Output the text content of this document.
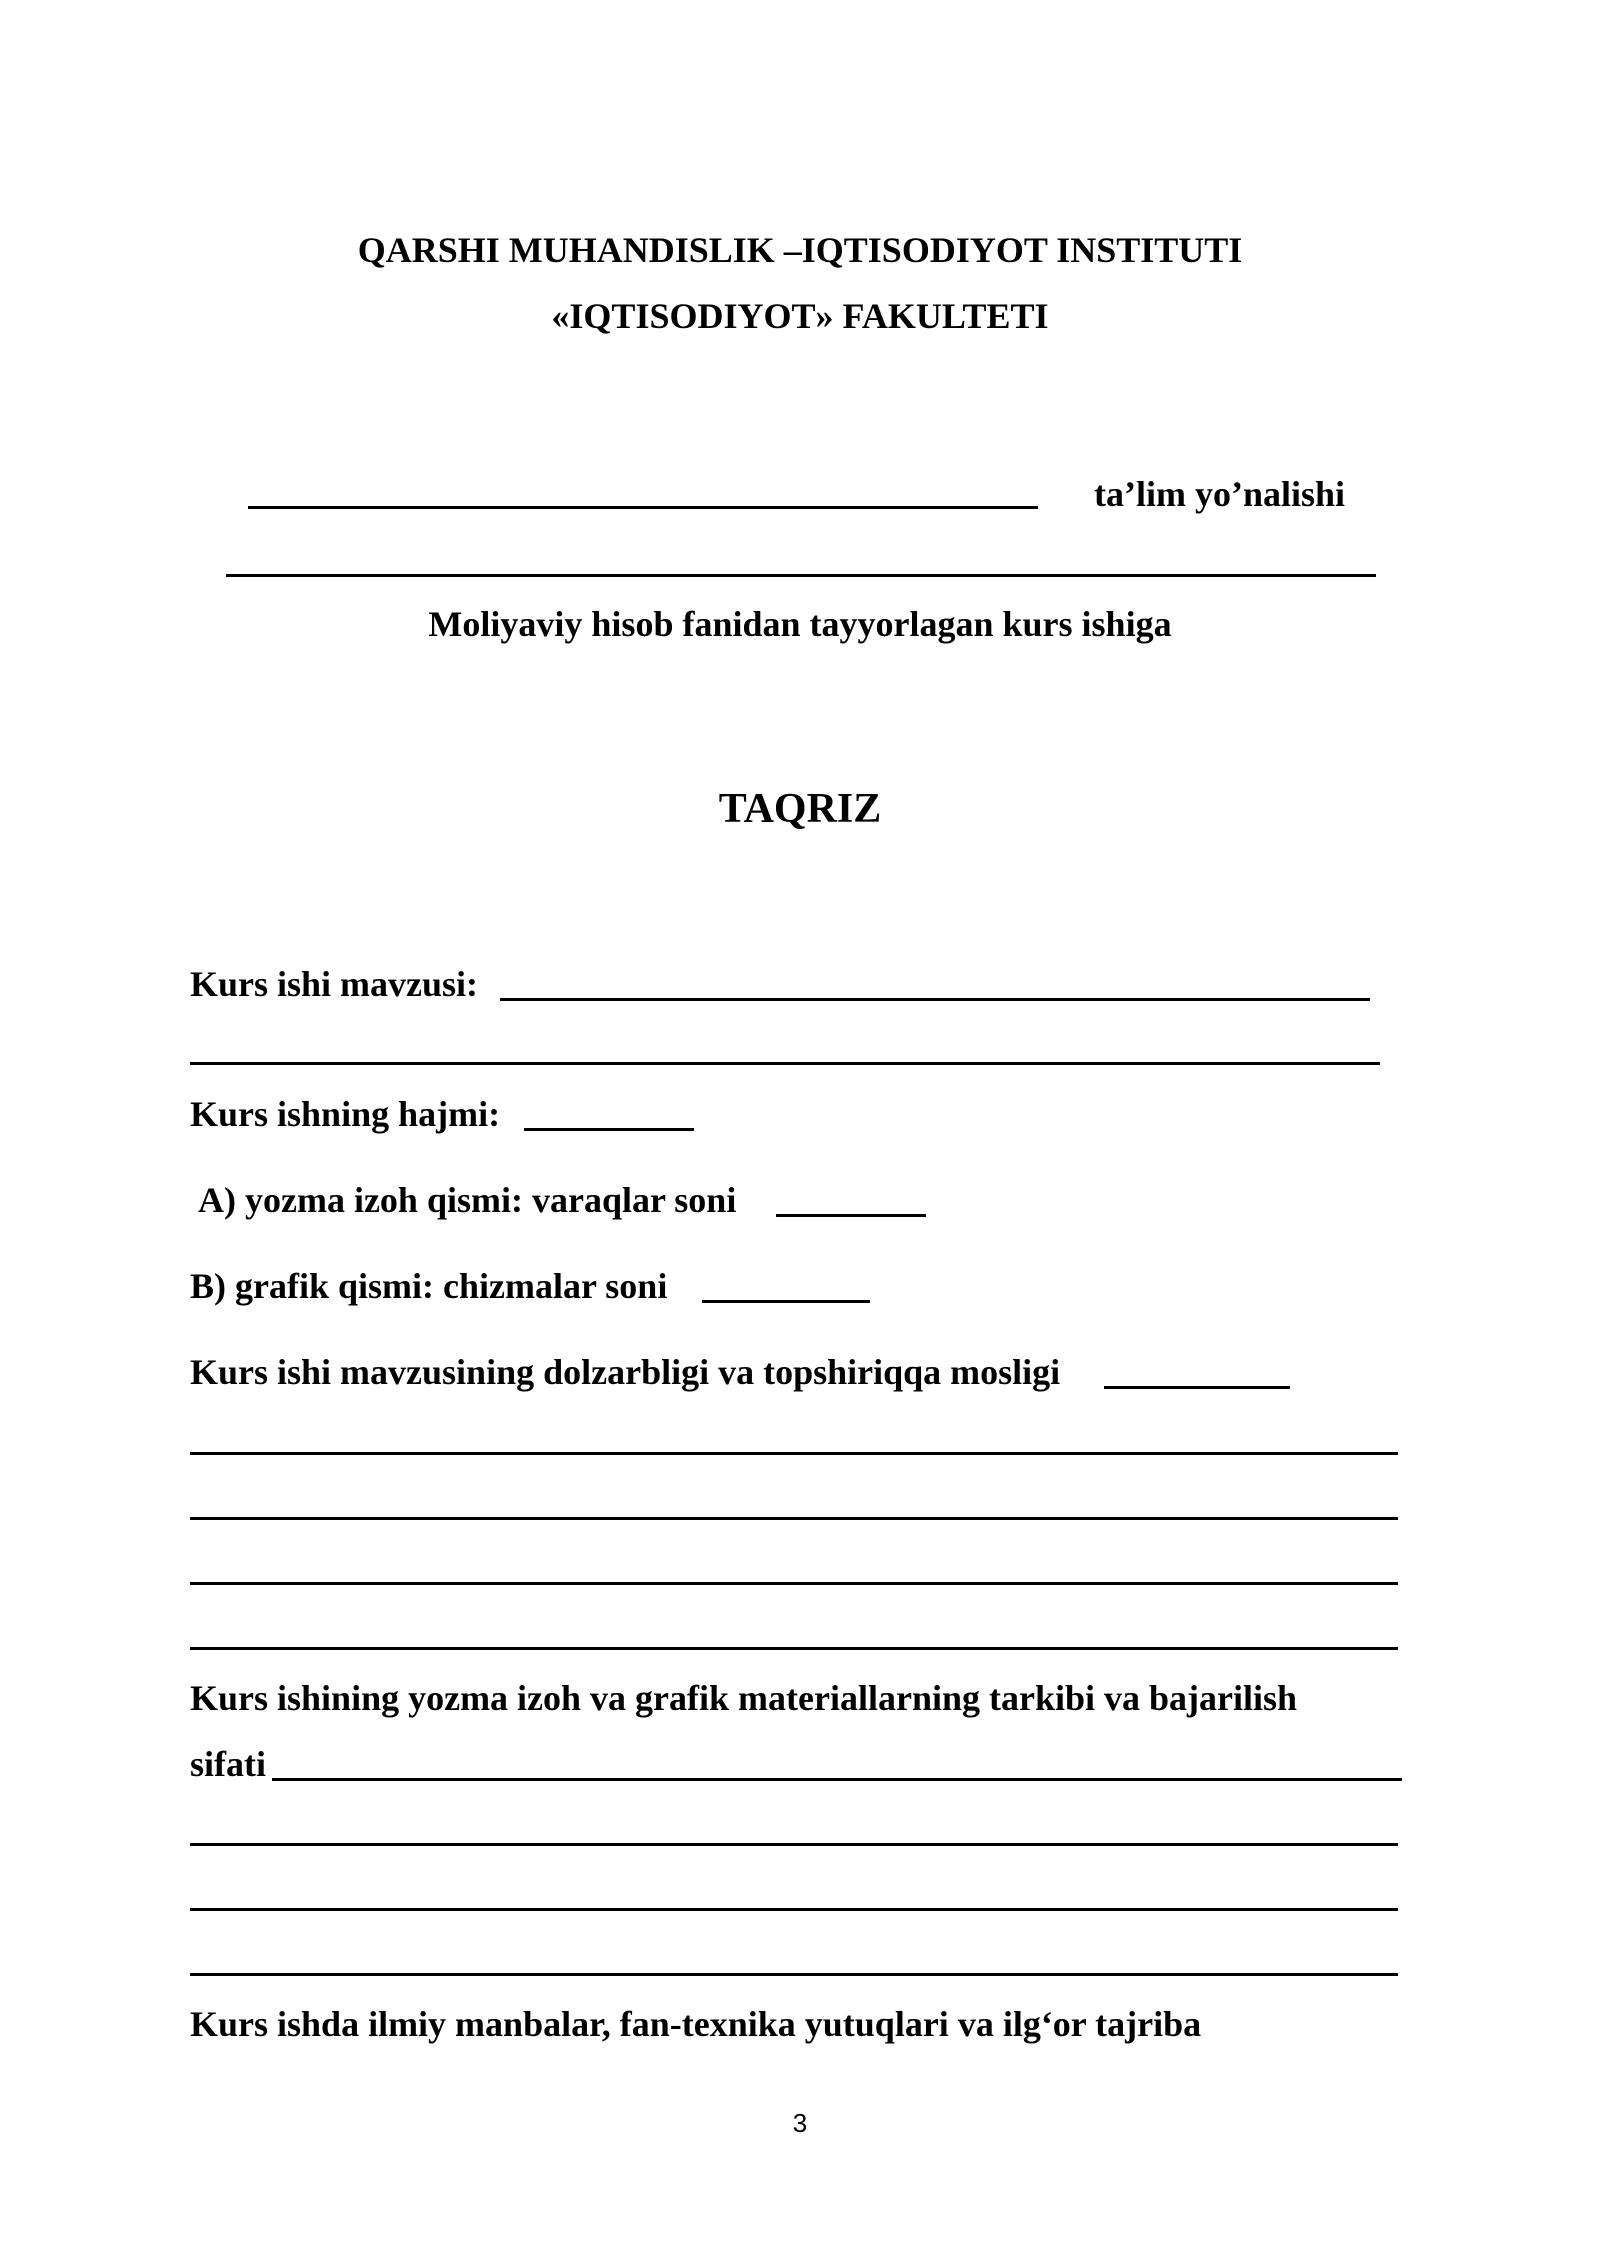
QARSHI MUHANDISLIK –IQTISODIYOT INSTITUTI
«IQTISODIYOT» FAKULTETI
ta’lim yo’nalishi
Moliyaviy hisob fanidan tayyorlagan kurs ishiga
TAQRIZ
Kurs ishi mavzusi:
Kurs ishning hajmi:
A) yozma izoh qismi: varaqlar soni
B) grafik qismi: chizmalar soni
Kurs ishi mavzusining dolzarbligi va topshiriqqa mosligi
Kurs ishining yozma izoh va grafik materiallarning tarkibi va bajarilish
sifati
Kurs ishda ilmiy manbalar, fan-texnika yutuqlari va ilg‘or tajriba
3
